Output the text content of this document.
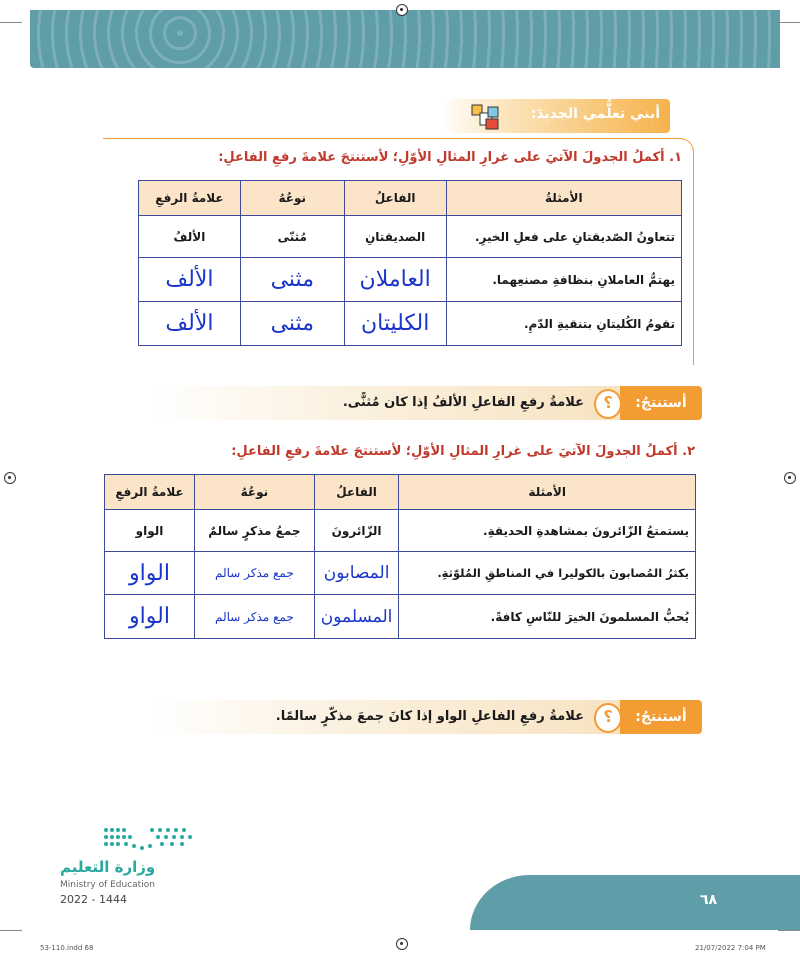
أبني تعلُّمي الجديدَ:
١. أكملُ الجدولَ الآتيَ على غرارِ المثالِ الأوّلِ؛ لأستنتجَ علامةَ رفعِ الفاعلِ:
الأمثلةُ	الفاعلُ	نوعُهُ	علامةُ الرفعِ
تتعاونُ الصّديقتانِ على فعلِ الخيرِ.	الصديقتانِ	مُثنّى	الألفُ
يهتمُّ العاملانِ بنظافةِ مصنعِهما.	العاملان	مثنى	الألف
تقومُ الكُليتانِ بتنقيةِ الدّمِ.	الكليتان	مثنى	الألف
أستنتجُ:
؟
علامةُ رفعِ الفاعلِ الألفُ إذا كان مُثنًّى.
٢. أكملُ الجدولَ الآتيَ على غرارِ المثالِ الأوّلِ؛ لأستنتجَ علامةَ رفعِ الفاعلِ:
الأمثلة	الفاعلُ	نوعُهُ	علامةُ الرفعِ
يستمتعُ الزّائرونَ بمشاهدةِ الحديقةِ.	الزّائرونَ	جمعُ مذكرٍ سالمٌ	الواو
يكثرُ المُصابونَ بالكوليرا في المناطقِ المُلوّثةِ.	المصابون	جمع مذكر سالم	الواو
يُحبُّ المسلمونَ الخيرَ للنّاسِ كافةً.	المسلمون	جمع مذكر سالم	الواو
أستنتجُ:
؟
علامةُ رفعِ الفاعلِ الواو إذا كانَ جمعَ مذكّرٍ سالمًا.
وزارة التعليم
Ministry of Education
2022 - 1444	٦٨
53-110.indd 68	21/07/2022 7:04 PM
